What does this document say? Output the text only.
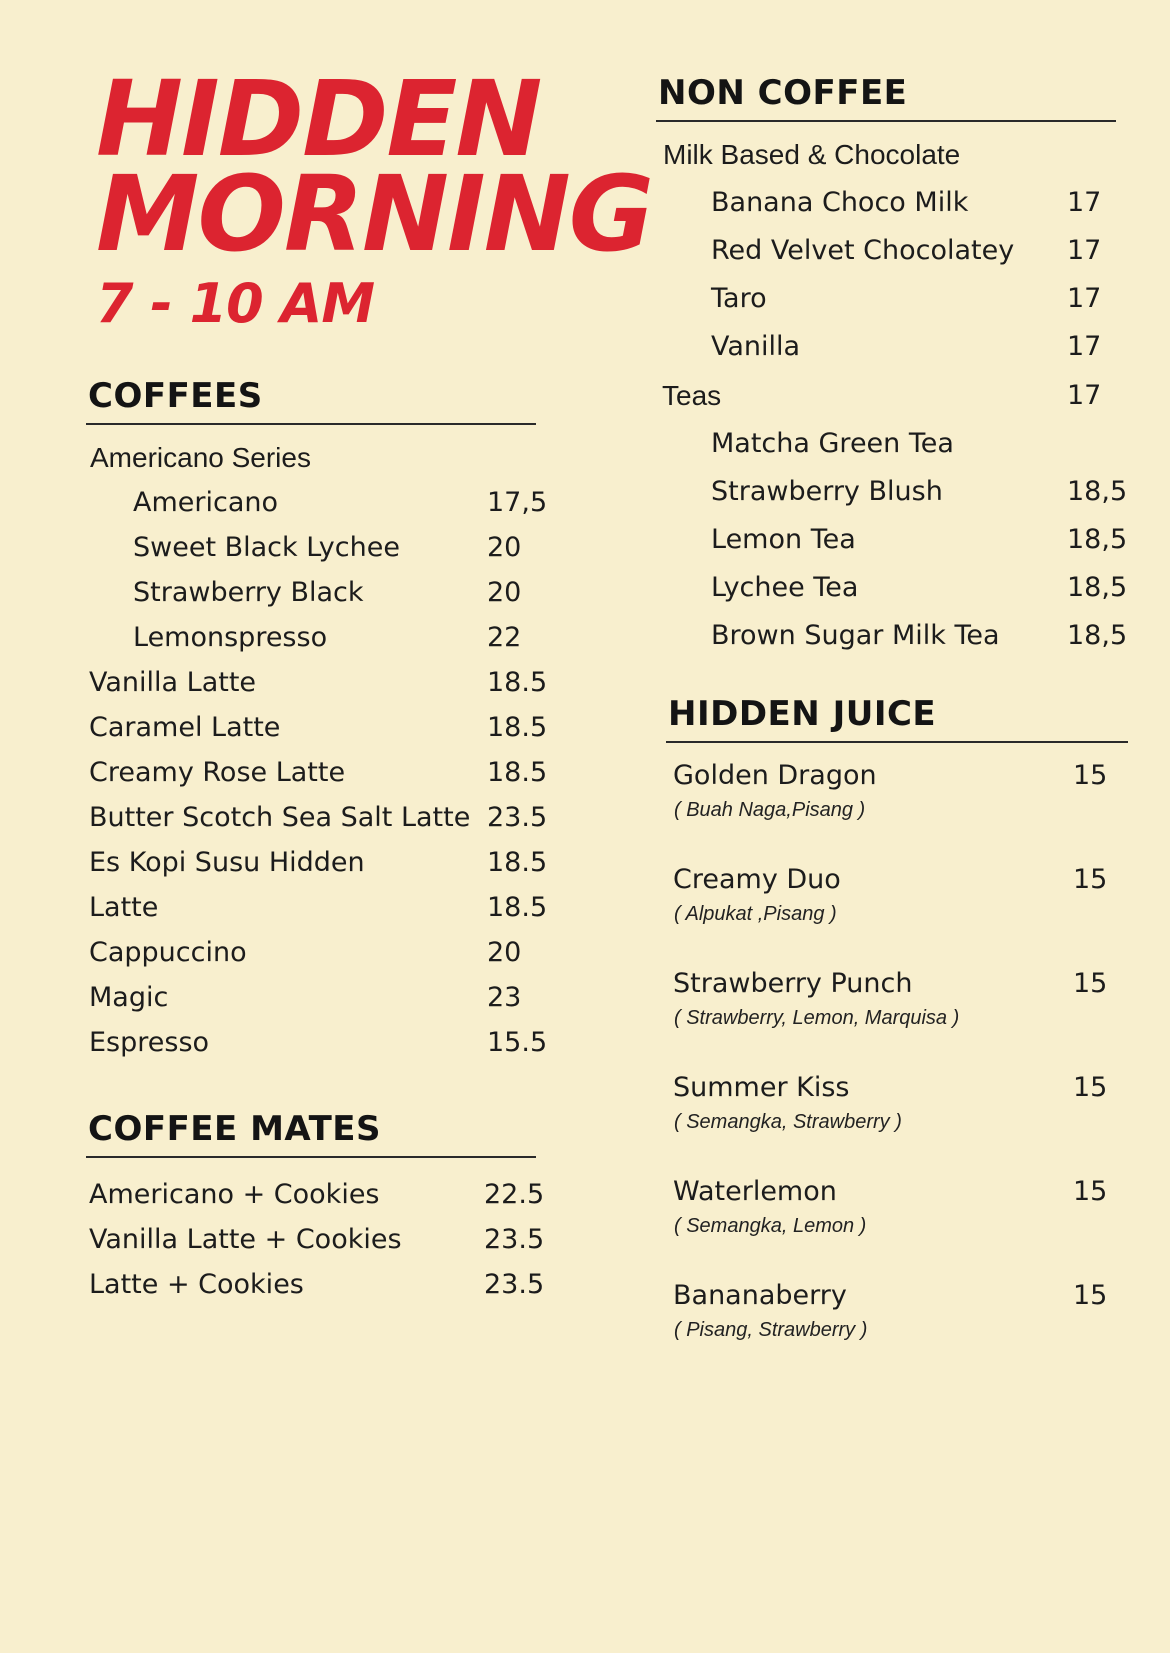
HIDDEN
MORNING
7 - 10 AM
COFFEES
Americano Series
Americano	17,5
Sweet Black Lychee	20
Strawberry Black	20
Lemonspresso	22
Vanilla Latte	18.5
Caramel Latte	18.5
Creamy Rose Latte	18.5
Butter Scotch Sea Salt Latte 23.5
Es Kopi Susu Hidden	18.5
Latte	18.5
Cappuccino	20
Magic	23
Espresso	15.5
COFFEE MATES
Americano + Cookies	22.5
Vanilla Latte + Cookies	23.5
Latte + Cookies	23.5
NON COFFEE
Milk Based & Chocolate
Banana Choco Milk	17
Red Velvet Chocolatey 17
Taro	17
Vanilla	17
Teas	17
Matcha Green Tea
Strawberry Blush	18,5
Lemon Tea	18,5
Lychee Tea	18,5
Brown Sugar Milk Tea 18,5
HIDDEN JUICE
Golden Dragon	15
( Buah Naga,Pisang )
Creamy Duo	15
( Alpukat ,Pisang )
Strawberry Punch	15
( Strawberry, Lemon, Marquisa )
Summer Kiss	15
( Semangka, Strawberry )
Waterlemon	15
( Semangka, Lemon )
Bananaberry	15
( Pisang, Strawberry )
